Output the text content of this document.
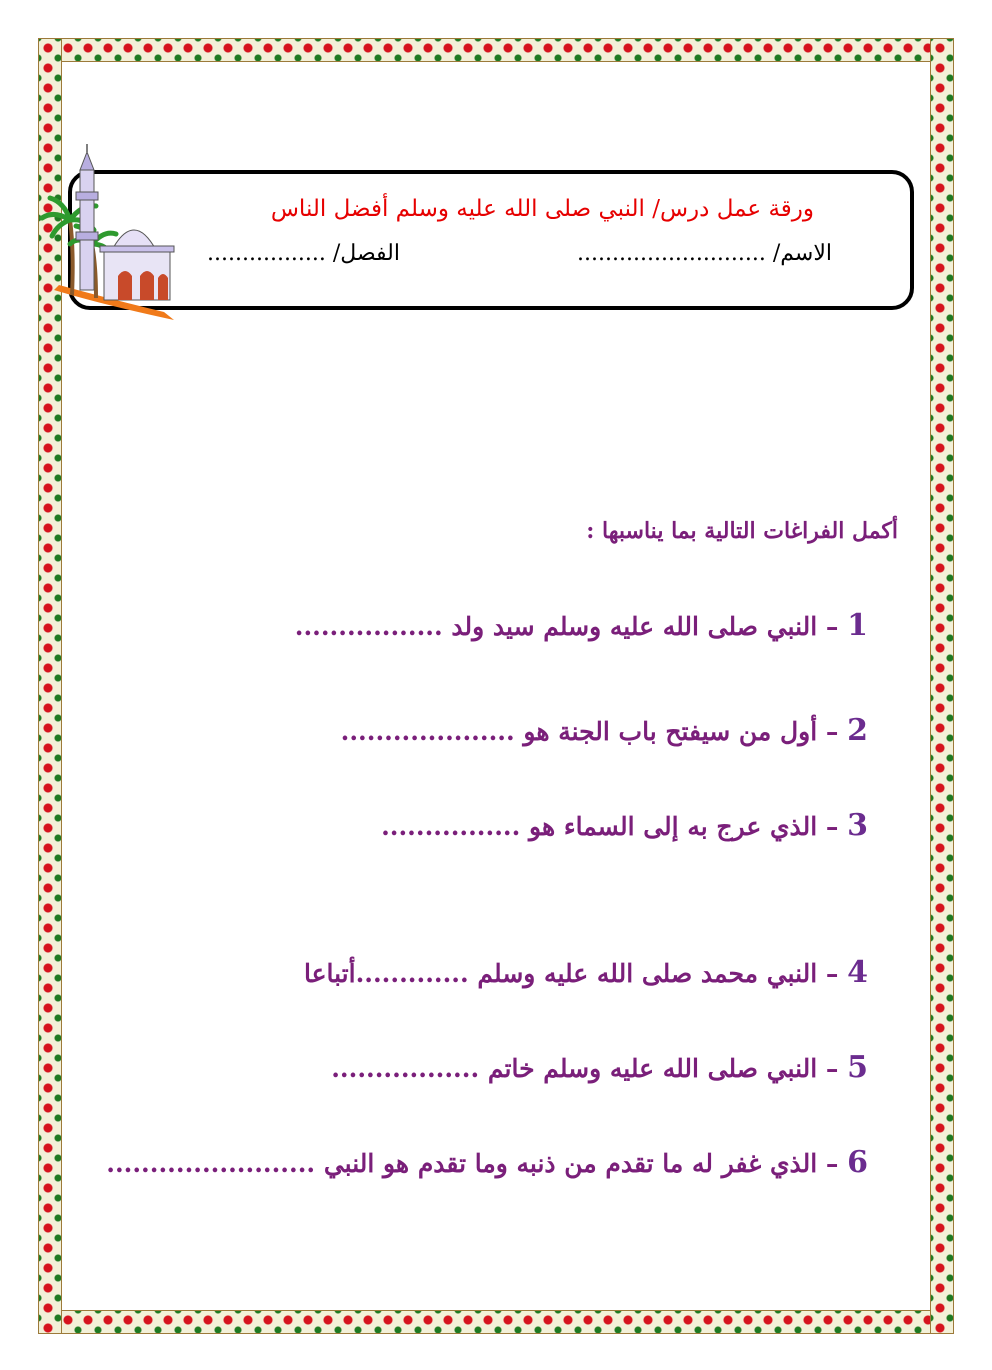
ورقة عمل درس/ النبي صلى الله عليه وسلم أفضل الناس
الاسم/ ...........................
الفصل/ .................
أكمل الفراغات التالية بما يناسبها :
1 – النبي صلى الله عليه وسلم سيد ولد .................
2 – أول من سيفتح باب الجنة هو ....................
3 – الذي عرج به إلى السماء هو ................
4 – النبي محمد صلى الله عليه وسلم .............أتباعا
5 – النبي صلى الله عليه وسلم خاتم .................
6 – الذي غفر له ما تقدم من ذنبه وما تقدم هو النبي ........................
